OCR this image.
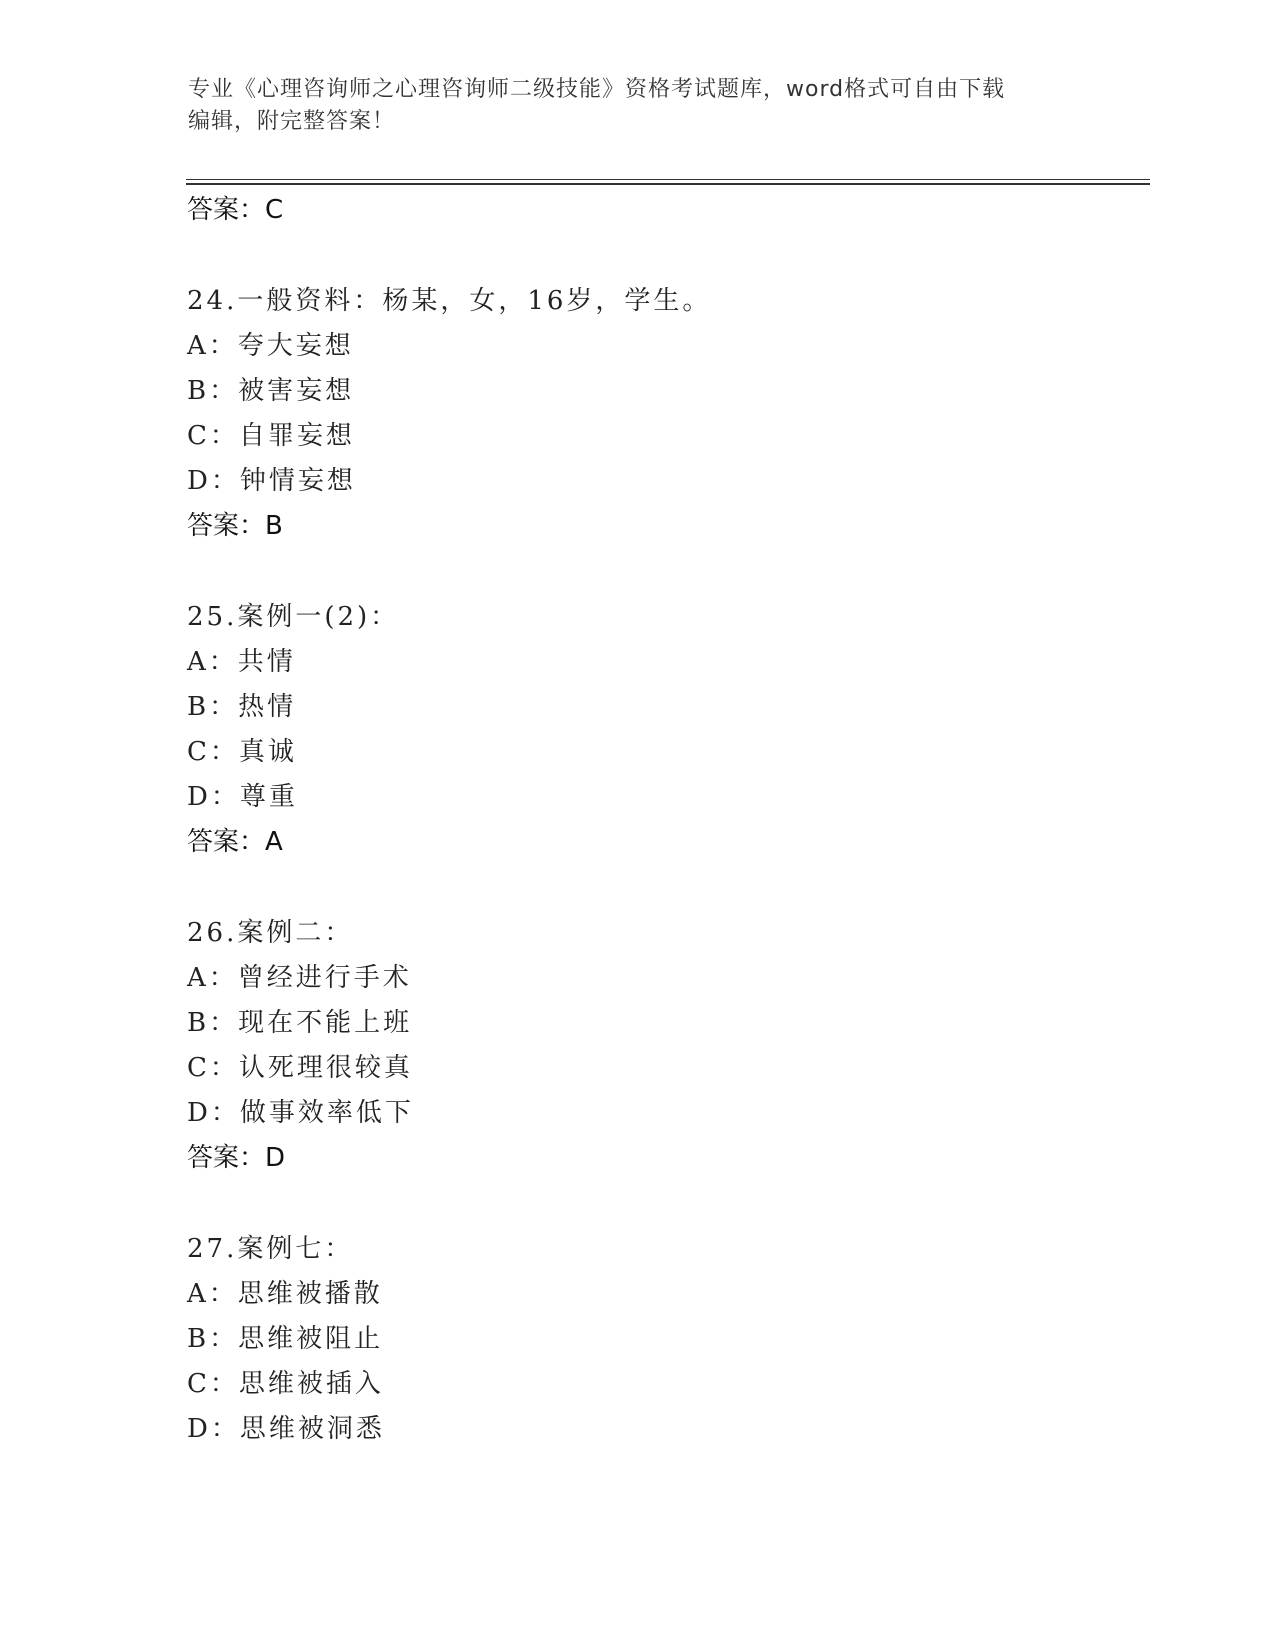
专业《心理咨询师之心理咨询师二级技能》资格考试题库，word格式可自由下载
编辑，附完整答案！
答案：C
24.一般资料：杨某，女，16岁，学生。
A：夸大妄想
B：被害妄想
C：自罪妄想
D：钟情妄想
答案：B
25.案例一(2)：
A：共情
B：热情
C：真诚
D：尊重
答案：A
26.案例二：
A：曾经进行手术
B：现在不能上班
C：认死理很较真
D：做事效率低下
答案：D
27.案例七：
A：思维被播散
B：思维被阻止
C：思维被插入
D：思维被洞悉
